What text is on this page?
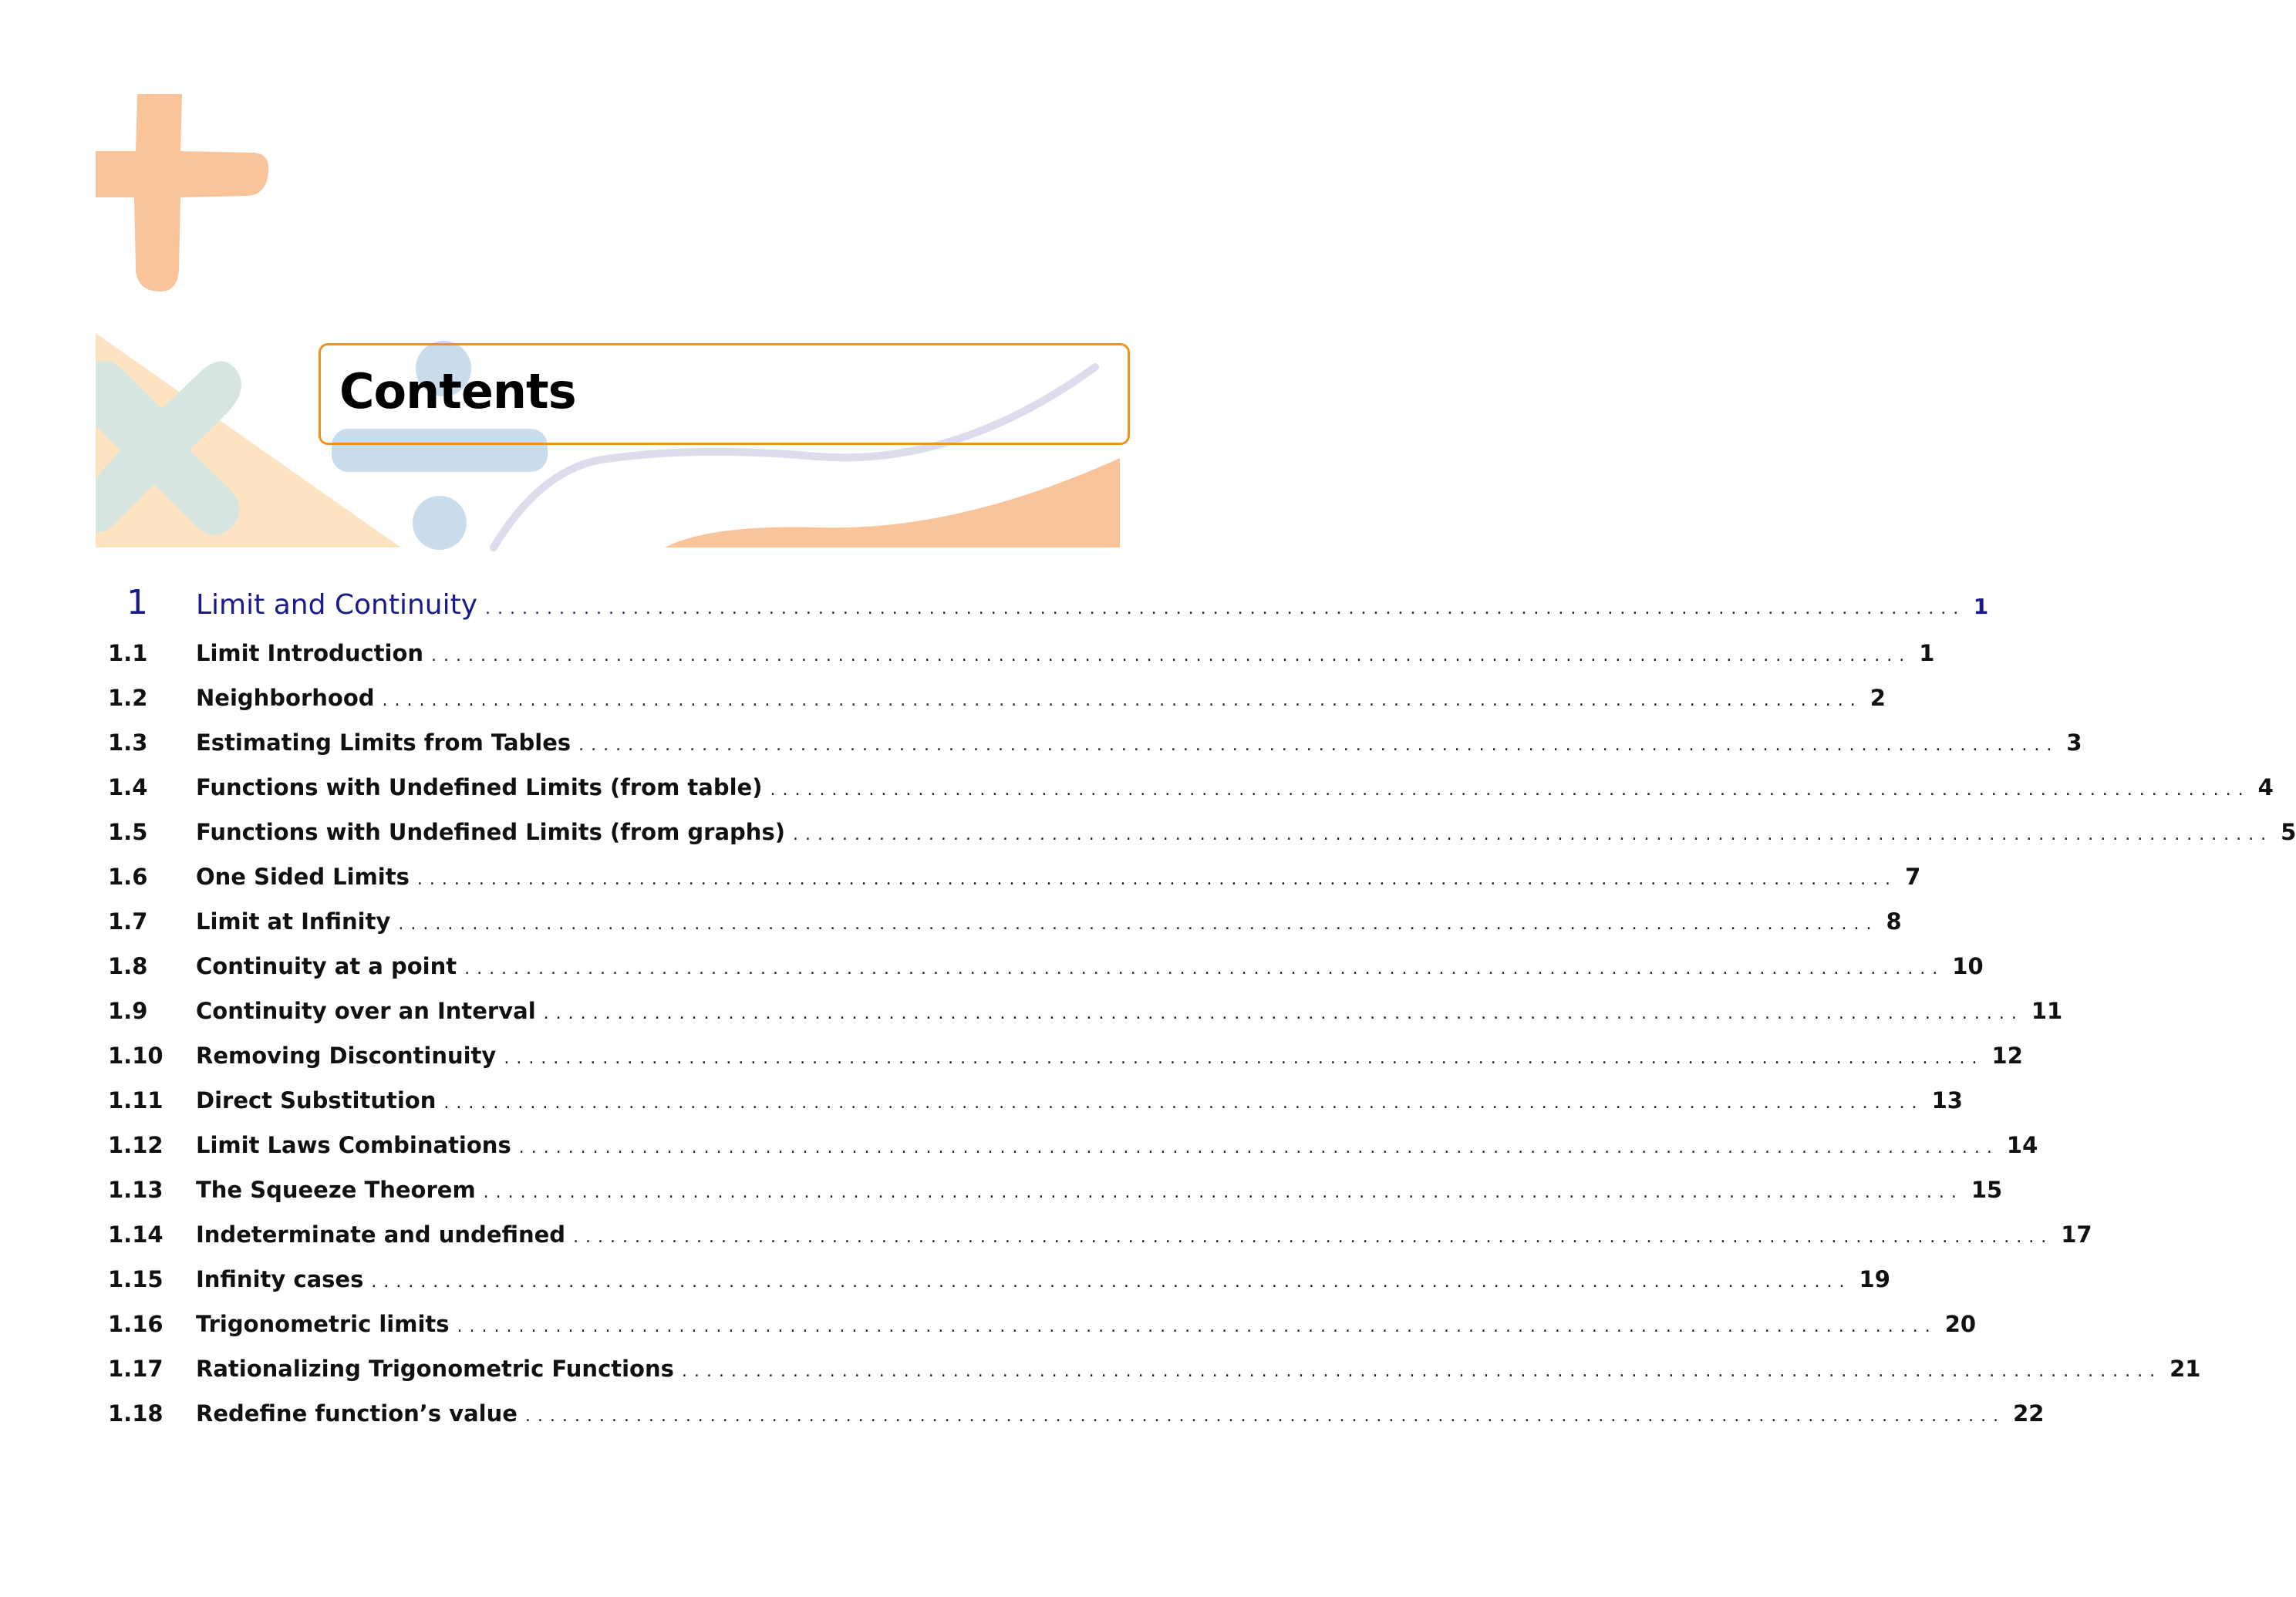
Contents
1	Limit and Continuity ........................................................................................................................ 1
1.1	Limit Introduction ........................................................................................................................ 1
1.2	Neighborhood ........................................................................................................................ 2
1.3	Estimating Limits from Tables ........................................................................................................................ 3
1.4	Functions with Undefined Limits (from table) ........................................................................................................................ 4
1.5	Functions with Undefined Limits (from graphs) ........................................................................................................................ 5
1.6	One Sided Limits ........................................................................................................................ 7
1.7	Limit at Infinity ........................................................................................................................ 8
1.8	Continuity at a point ........................................................................................................................ 10
1.9	Continuity over an Interval ........................................................................................................................ 11
1.10	Removing Discontinuity ........................................................................................................................ 12
1.11	Direct Substitution ........................................................................................................................ 13
1.12	Limit Laws Combinations ........................................................................................................................ 14
1.13	The Squeeze Theorem ........................................................................................................................ 15
1.14	Indeterminate and undefined ........................................................................................................................ 17
1.15	Infinity cases ........................................................................................................................ 19
1.16	Trigonometric limits ........................................................................................................................ 20
1.17	Rationalizing Trigonometric Functions ........................................................................................................................ 21
1.18	Redefine function’s value ........................................................................................................................ 22
